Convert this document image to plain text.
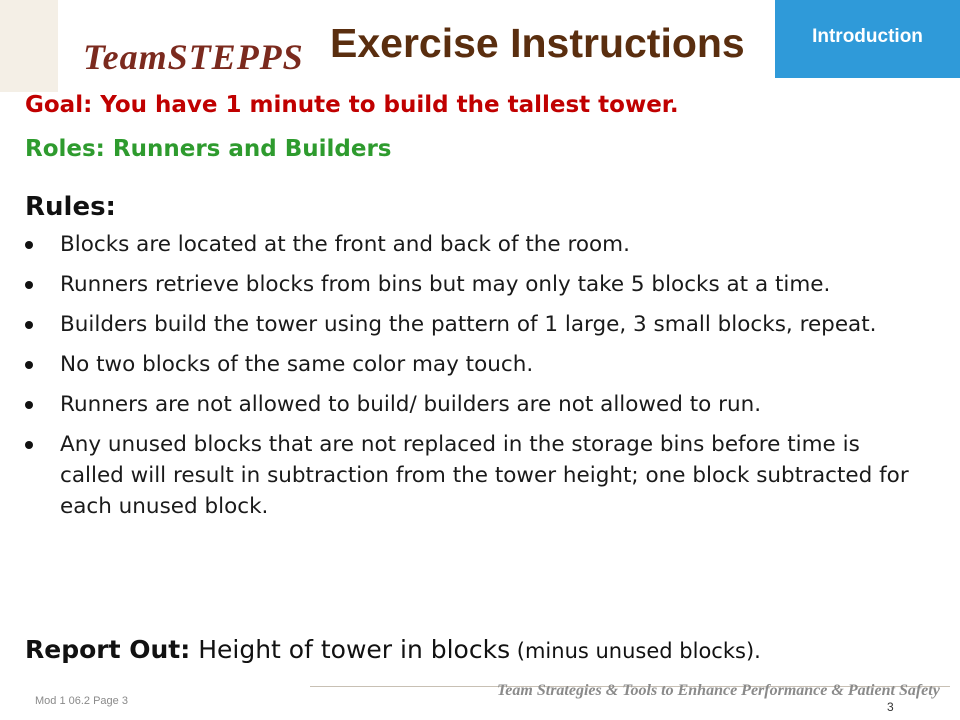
TeamSTEPPS Exercise Instructions	Introduction
Goal: You have 1 minute to build the tallest tower.
Roles: Runners and Builders
Rules:
Blocks are located at the front and back of the room.
Runners retrieve blocks from bins but may only take 5 blocks at a time.
Builders build the tower using the pattern of 1 large, 3 small blocks, repeat.
No two blocks of the same color may touch.
Runners are not allowed to build/ builders are not allowed to run.
Any unused blocks that are not replaced in the storage bins before time is called will result in subtraction from the tower height; one block subtracted for each unused block.
Report Out: Height of tower in blocks (minus unused blocks).
Mod 1 06.2 Page 3
Team Strategies & Tools to Enhance Performance & Patient Safety
3
